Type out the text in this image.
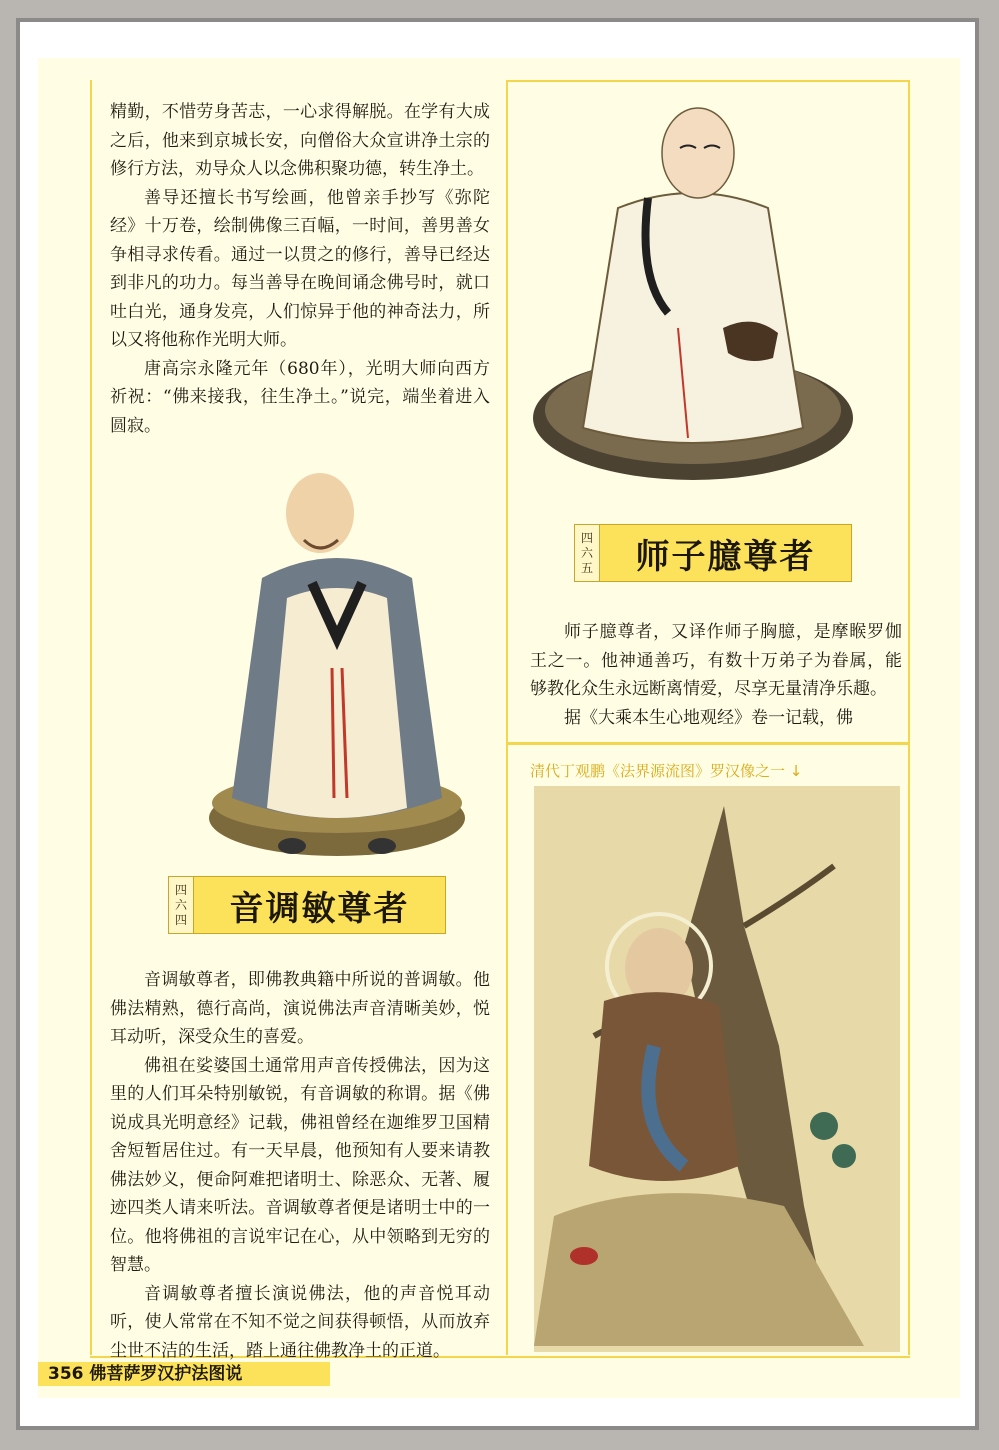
精勤，不惜劳身苦志，一心求得解脱。在学有大成之后，他来到京城长安，向僧俗大众宣讲净土宗的修行方法，劝导众人以念佛积聚功德，转生净土。

善导还擅长书写绘画，他曾亲手抄写《弥陀经》十万卷，绘制佛像三百幅，一时间，善男善女争相寻求传看。通过一以贯之的修行，善导已经达到非凡的功力。每当善导在晚间诵念佛号时，就口吐白光，通身发亮，人们惊异于他的神奇法力，所以又将他称作光明大师。

唐高宗永隆元年（680年），光明大师向西方祈祝：“佛来接我，往生净土。”说完，端坐着进入圆寂。

四
六
四	音调敏尊者

音调敏尊者，即佛教典籍中所说的普调敏。他佛法精熟，德行高尚，演说佛法声音清晰美妙，悦耳动听，深受众生的喜爱。

佛祖在娑婆国土通常用声音传授佛法，因为这里的人们耳朵特别敏锐，有音调敏的称谓。据《佛说成具光明意经》记载，佛祖曾经在迦维罗卫国精舍短暂居住过。有一天早晨，他预知有人要来请教佛法妙义，便命阿难把诸明士、除恶众、无著、履迹四类人请来听法。音调敏尊者便是诸明士中的一位。他将佛祖的言说牢记在心，从中领略到无穷的智慧。

音调敏尊者擅长演说佛法，他的声音悦耳动听，使人常常在不知不觉之间获得顿悟，从而放弃尘世不洁的生活，踏上通往佛教净土的正道。

四
六
五	师子臆尊者

师子臆尊者，又译作师子胸臆，是摩睺罗伽王之一。他神通善巧，有数十万弟子为眷属，能够教化众生永远断离情爱，尽享无量清净乐趣。

据《大乘本生心地观经》卷一记载，佛

清代丁观鹏《法界源流图》罗汉像之一 ↓
356 佛菩萨罗汉护法图说
